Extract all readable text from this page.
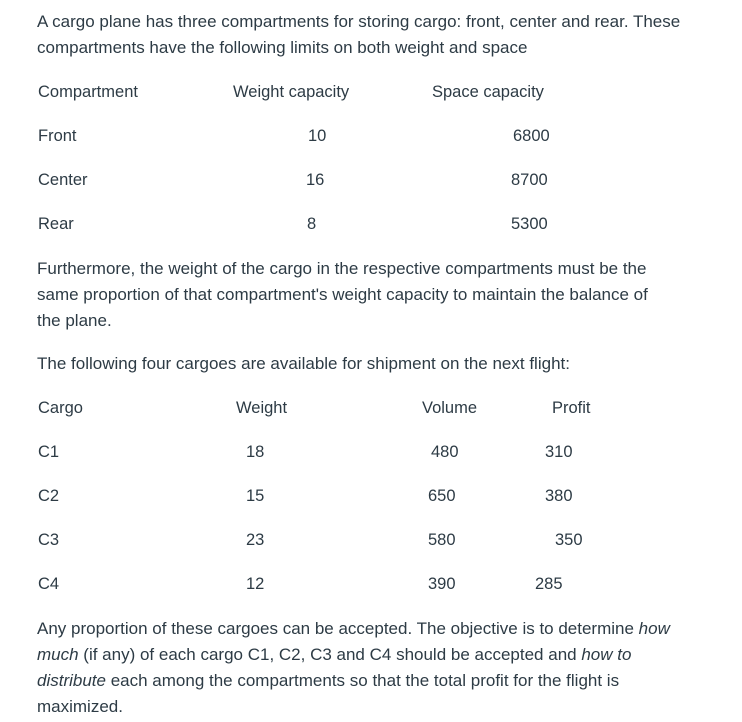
A cargo plane has three compartments for storing cargo: front, center and rear. These
compartments have the following limits on both weight and space

Compartment	Weight capacity	Space capacity
Front	10	6800
Center	16	8700
Rear	8	5300

Furthermore, the weight of the cargo in the respective compartments must be the
same proportion of that compartment's weight capacity to maintain the balance of
the plane.

The following four cargoes are available for shipment on the next flight:

Cargo	Weight	Volume	Profit
C1	18	480	310
C2	15	650	380
C3	23	580	350
C4	12	390	285

Any proportion of these cargoes can be accepted. The objective is to determine how
much (if any) of each cargo C1, C2, C3 and C4 should be accepted and how to
distribute each among the compartments so that the total profit for the flight is
maximized.
